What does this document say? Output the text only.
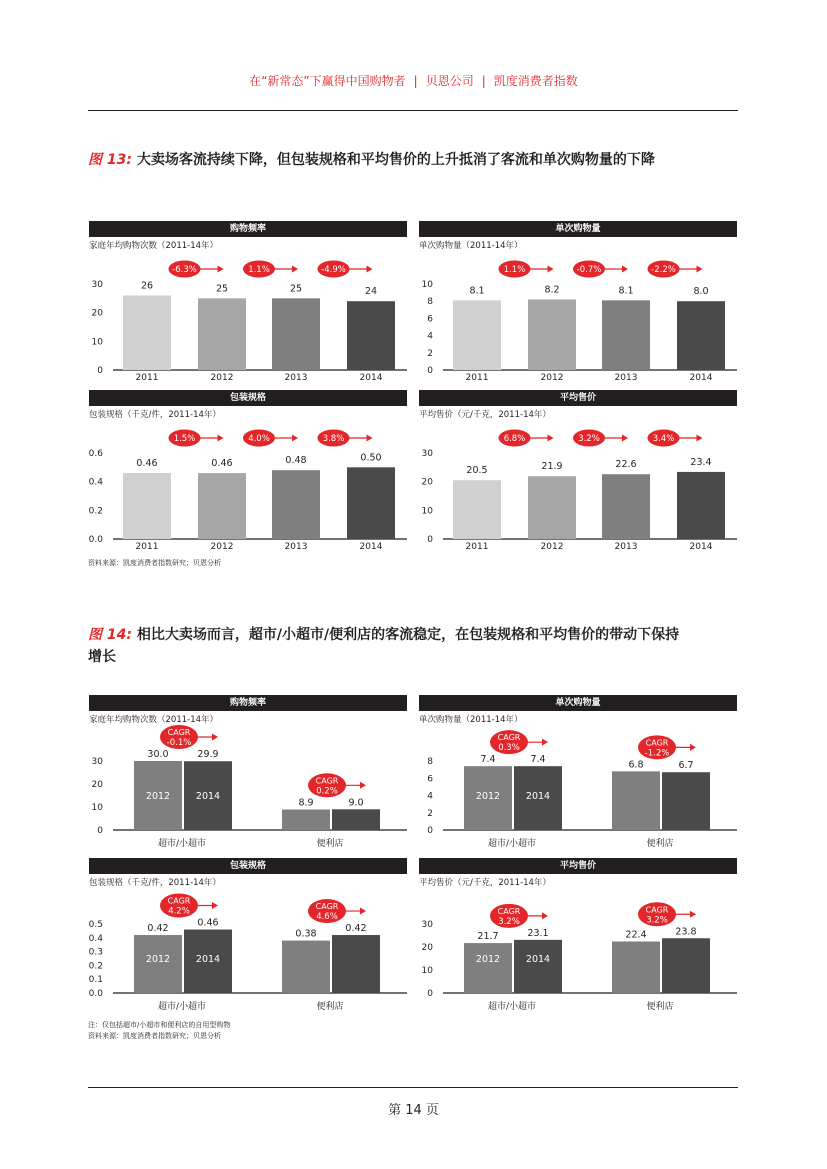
在“新常态”下赢得中国购物者 | 贝恩公司 | 凯度消费者指数
图 13: 大卖场客流持续下降，但包装规格和平均售价的上升抵消了客流和单次购物量的下降
购物频率
家庭年均购物次数（2011-14年）
0
10
20
30	26
2011
25
2012
25
2013
24
2014
-6.3%	1.1%	-4.9%
单次购物量
单次购物量（2011-14年）
0
2
4
6
8
10
8.1
2011
8.2
2012
8.1
2013
8.0
2014
1.1%	-0.7%	-2.2%
包装规格
包装规格（千克/件，2011-14年）
0.0
0.2
0.4
0.6
0.46
2011
0.46
2012
0.48
2013
0.50
2014
1.5%	4.0%	3.8%
平均售价
平均售价（元/千克，2011-14年）
0
10
20
30
20.5
2011
21.9
2012
22.6
2013
23.4
2014
6.8%	3.2%	3.4%
资料来源：凯度消费者指数研究；贝恩分析
图 14: 相比大卖场而言，超市/小超市/便利店的客流稳定，在包装规格和平均售价的带动下保持
增长
购物频率
家庭年均购物次数（2011-14年）
0
10
20
30
30.0
2012
29.9
2014
超市/小超市
CAGR
-0.1%
8.9	9.0
便利店
CAGR
0.2%
单次购物量
单次购物量（2011-14年）
0
2
4
6
8	7.4
2012
7.4
2014
超市/小超市
CAGR
0.3%
6.8	6.7
便利店
CAGR
-1.2%
包装规格
包装规格（千克/件，2011-14年）
0.0
0.1
0.2
0.3
0.4
0.5	0.42
2012
0.46
2014
超市/小超市
CAGR
4.2%
0.38
0.42
便利店
CAGR
4.6%
平均售价
平均售价（元/千克，2011-14年）
0
10
20
30
21.7
2012
23.1
2014
超市/小超市
CAGR
3.2%
22.4	23.8
便利店
CAGR
3.2%
注：仅包括超市/小超市和便利店的自用型购物
资料来源：凯度消费者指数研究；贝恩分析
第 14 页
